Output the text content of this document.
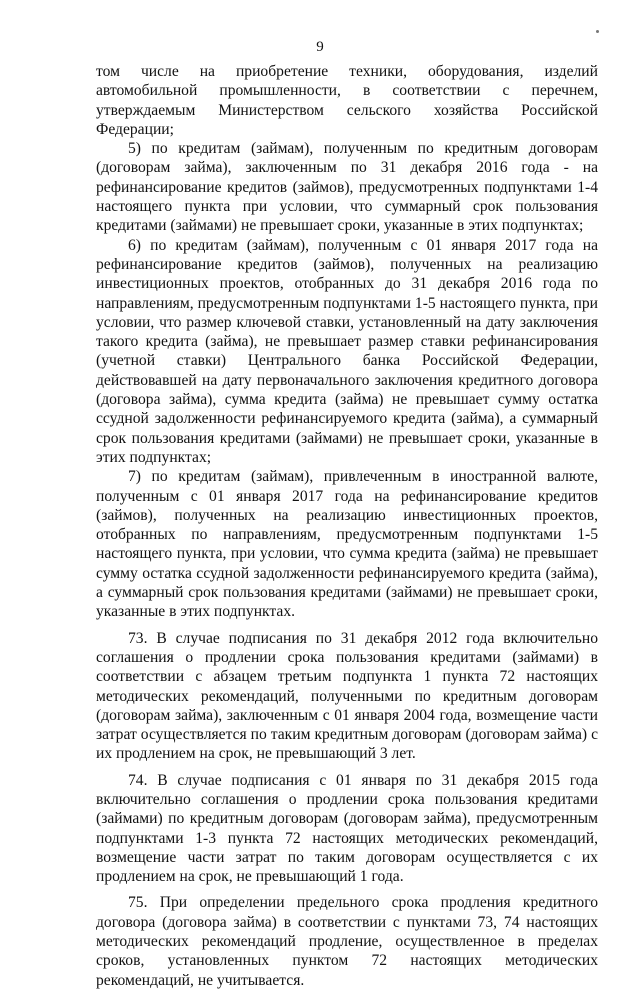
9

том числе на приобретение техники, оборудования, изделий автомобильной промышленности, в соответствии с перечнем, утверждаемым Министерством сельского хозяйства Российской Федерации;

5) по кредитам (займам), полученным по кредитным договорам (договорам займа), заключенным по 31 декабря 2016 года - на рефинансирование кредитов (займов), предусмотренных подпунктами 1-4 настоящего пункта при условии, что суммарный срок пользования кредитами (займами) не превышает сроки, указанные в этих подпунктах;

6) по кредитам (займам), полученным с 01 января 2017 года на рефинансирование кредитов (займов), полученных на реализацию инвестиционных проектов, отобранных до 31 декабря 2016 года по направлениям, предусмотренным подпунктами 1-5 настоящего пункта, при условии, что размер ключевой ставки, установленный на дату заключения такого кредита (займа), не превышает размер ставки рефинансирования (учетной ставки) Центрального банка Российской Федерации, действовавшей на дату первоначального заключения кредитного договора (договора займа), сумма кредита (займа) не превышает сумму остатка ссудной задолженности рефинансируемого кредита (займа), а суммарный срок пользования кредитами (займами) не превышает сроки, указанные в этих подпунктах;

7) по кредитам (займам), привлеченным в иностранной валюте, полученным с 01 января 2017 года на рефинансирование кредитов (займов), полученных на реализацию инвестиционных проектов, отобранных по направлениям, предусмотренным подпунктами 1-5 настоящего пункта, при условии, что сумма кредита (займа) не превышает сумму остатка ссудной задолженности рефинансируемого кредита (займа), а суммарный срок пользования кредитами (займами) не превышает сроки, указанные в этих подпунктах.

73. В случае подписания по 31 декабря 2012 года включительно соглашения о продлении срока пользования кредитами (займами) в соответствии с абзацем третьим подпункта 1 пункта 72 настоящих методических рекомендаций, полученными по кредитным договорам (договорам займа), заключенным с 01 января 2004 года, возмещение части затрат осуществляется по таким кредитным договорам (договорам займа) с их продлением на срок, не превышающий 3 лет.

74. В случае подписания с 01 января по 31 декабря 2015 года включительно соглашения о продлении срока пользования кредитами (займами) по кредитным договорам (договорам займа), предусмотренным подпунктами 1-3 пункта 72 настоящих методических рекомендаций, возмещение части затрат по таким договорам осуществляется с их продлением на срок, не превышающий 1 года.

75. При определении предельного срока продления кредитного договора (договора займа) в соответствии с пунктами 73, 74 настоящих методических рекомендаций продление, осуществленное в пределах сроков, установленных пунктом 72 настоящих методических рекомендаций, не учитывается.
